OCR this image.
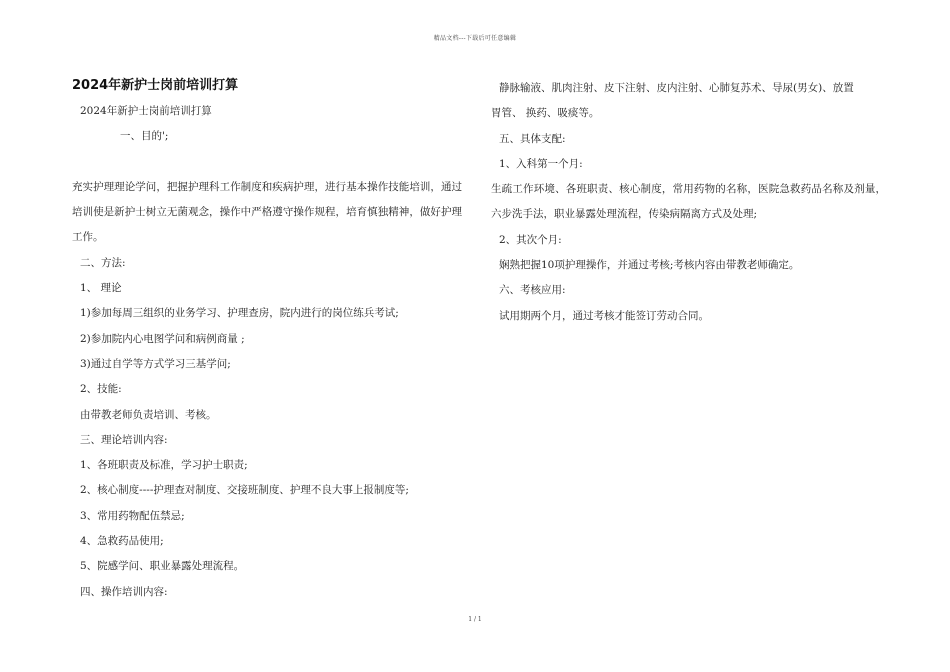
精品文档---下载后可任意编辑
2024年新护士岗前培训打算

2024年新护士岗前培训打算

一、目的';

充实护理理论学问，把握护理科工作制度和疾病护理，进行基本操作技能培训，通过培训使是新护士树立无菌观念，操作中严格遵守操作规程，培育慎独精神，做好护理工作。

二、方法:

1、 理论

1)参加每周三组织的业务学习、护理查房，院内进行的岗位练兵考试;

2)参加院内心电图学问和病例商量 ;

3)通过自学等方式学习三基学问;

2、技能:

由带教老师负责培训、考核。

三、理论培训内容:

1、各班职责及标准，学习护士职责;

2、核心制度----护理查对制度、交接班制度、护理不良大事上报制度等;

3、常用药物配伍禁忌;

4、急救药品使用;

5、院感学问、职业暴露处理流程。

四、操作培训内容:

静脉输液、肌肉注射、皮下注射、皮内注射、心肺复苏术、导尿(男女)、放置

胃管、 换药、吸痰等。

五、具体支配:

1、入科第一个月:

生疏工作环境、各班职责、核心制度，常用药物的名称，医院急救药品名称及剂量，六步洗手法，职业暴露处理流程，传染病隔离方式及处理;

2、其次个月:

娴熟把握10项护理操作，并通过考核;考核内容由带教老师确定。

六、考核应用:

试用期两个月，通过考核才能签订劳动合同。

1 / 1
